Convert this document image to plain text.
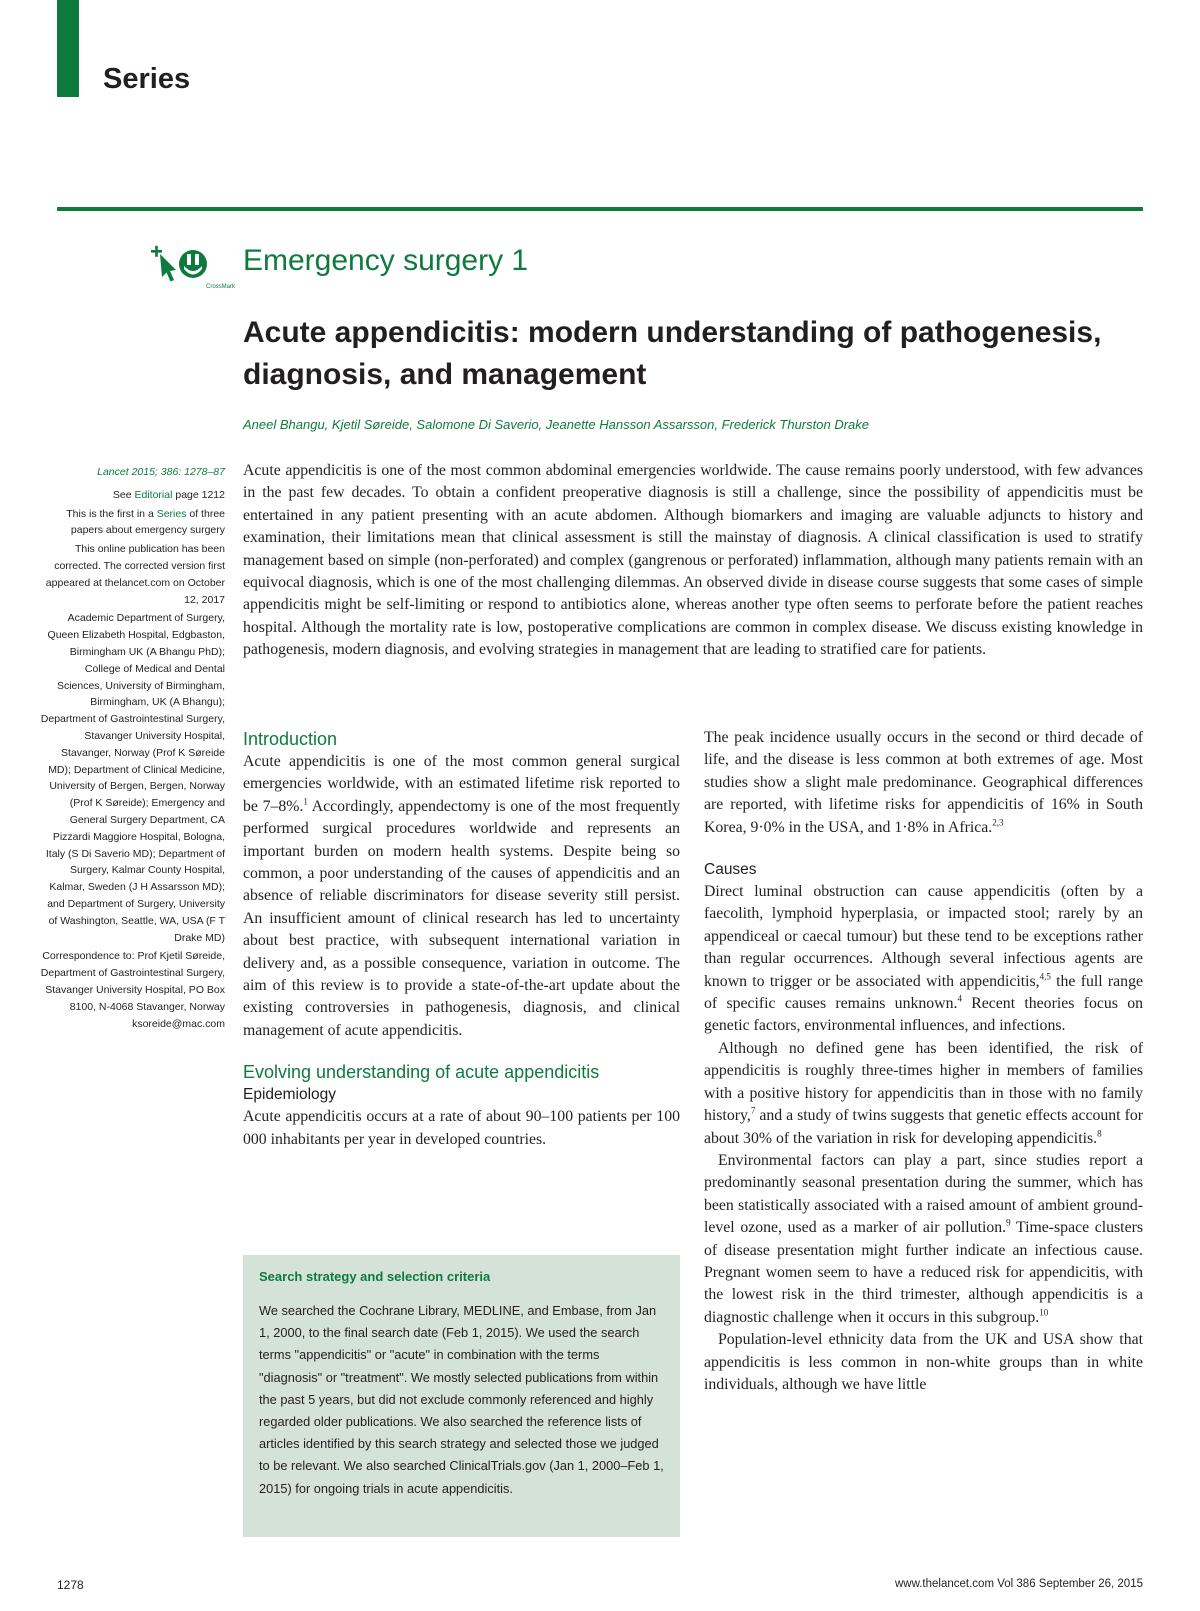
Series
CrossMark
Emergency surgery 1
Acute appendicitis: modern understanding of pathogenesis, diagnosis, and management
Aneel Bhangu, Kjetil Søreide, Salomone Di Saverio, Jeanette Hansson Assarsson, Frederick Thurston Drake

Lancet 2015; 386: 1278–87

See Editorial page 1212

This is the first in a Series of three papers about emergency surgery

This online publication has been corrected. The corrected version first appeared at thelancet.com on October 12, 2017

Academic Department of Surgery, Queen Elizabeth Hospital, Edgbaston, Birmingham UK (A Bhangu PhD); College of Medical and Dental Sciences, University of Birmingham, Birmingham, UK (A Bhangu); Department of Gastrointestinal Surgery, Stavanger University Hospital, Stavanger, Norway (Prof K Søreide MD); Department of Clinical Medicine, University of Bergen, Bergen, Norway (Prof K Søreide); Emergency and General Surgery Department, CA Pizzardi Maggiore Hospital, Bologna, Italy (S Di Saverio MD); Department of Surgery, Kalmar County Hospital, Kalmar, Sweden (J H Assarsson MD); and Department of Surgery, University of Washington, Seattle, WA, USA (F T Drake MD)

Correspondence to: Prof Kjetil Søreide, Department of Gastrointestinal Surgery, Stavanger University Hospital, PO Box 8100, N-4068 Stavanger, Norway ksoreide@mac.com

Acute appendicitis is one of the most common abdominal emergencies worldwide. The cause remains poorly understood, with few advances in the past few decades. To obtain a confident preoperative diagnosis is still a challenge, since the possibility of appendicitis must be entertained in any patient presenting with an acute abdomen. Although biomarkers and imaging are valuable adjuncts to history and examination, their limitations mean that clinical assessment is still the mainstay of diagnosis. A clinical classification is used to stratify management based on simple (non-perforated) and complex (gangrenous or perforated) inflammation, although many patients remain with an equivocal diagnosis, which is one of the most challenging dilemmas. An observed divide in disease course suggests that some cases of simple appendicitis might be self-limiting or respond to antibiotics alone, whereas another type often seems to perforate before the patient reaches hospital. Although the mortality rate is low, postoperative complications are common in complex disease. We discuss existing knowledge in pathogenesis, modern diagnosis, and evolving strategies in management that are leading to stratified care for patients.

Introduction

Acute appendicitis is one of the most common general surgical emergencies worldwide, with an estimated lifetime risk reported to be 7–8%.$^1$ Accordingly, appendectomy is one of the most frequently performed surgical procedures worldwide and represents an important burden on modern health systems. Despite being so common, a poor understanding of the causes of appendicitis and an absence of reliable discriminators for disease severity still persist. An insufficient amount of clinical research has led to uncertainty about best practice, with subsequent international variation in delivery and, as a possible consequence, variation in outcome. The aim of this review is to provide a state-of-the-art update about the existing controversies in pathogenesis, diagnosis, and clinical management of acute appendicitis.

Evolving understanding of acute appendicitis

Epidemiology

Acute appendicitis occurs at a rate of about 90–100 patients per 100 000 inhabitants per year in developed countries.

Search strategy and selection criteria

We searched the Cochrane Library, MEDLINE, and Embase, from Jan 1, 2000, to the final search date (Feb 1, 2015). We used the search terms "appendicitis" or "acute" in combination with the terms "diagnosis" or "treatment". We mostly selected publications from within the past 5 years, but did not exclude commonly referenced and highly regarded older publications. We also searched the reference lists of articles identified by this search strategy and selected those we judged to be relevant. We also searched ClinicalTrials.gov (Jan 1, 2000–Feb 1, 2015) for ongoing trials in acute appendicitis.

The peak incidence usually occurs in the second or third decade of life, and the disease is less common at both extremes of age. Most studies show a slight male predominance. Geographical differences are reported, with lifetime risks for appendicitis of 16% in South Korea, 9·0% in the USA, and 1·8% in Africa.$^{2,3}$

Causes

Direct luminal obstruction can cause appendicitis (often by a faecolith, lymphoid hyperplasia, or impacted stool; rarely by an appendiceal or caecal tumour) but these tend to be exceptions rather than regular occurrences. Although several infectious agents are known to trigger or be associated with appendicitis,$^{4,5}$ the full range of specific causes remains unknown.$^4$ Recent theories focus on genetic factors, environmental influences, and infections.

Although no defined gene has been identified, the risk of appendicitis is roughly three-times higher in members of families with a positive history for appendicitis than in those with no family history,$^7$ and a study of twins suggests that genetic effects account for about 30% of the variation in risk for developing appendicitis.$^8$

Environmental factors can play a part, since studies report a predominantly seasonal presentation during the summer, which has been statistically associated with a raised amount of ambient ground-level ozone, used as a marker of air pollution.$^9$ Time-space clusters of disease presentation might further indicate an infectious cause. Pregnant women seem to have a reduced risk for appendicitis, with the lowest risk in the third trimester, although appendicitis is a diagnostic challenge when it occurs in this subgroup.$^{10}$

Population-level ethnicity data from the UK and USA show that appendicitis is less common in non-white groups than in white individuals, although we have little

1278	www.thelancet.com Vol 386 September 26, 2015
